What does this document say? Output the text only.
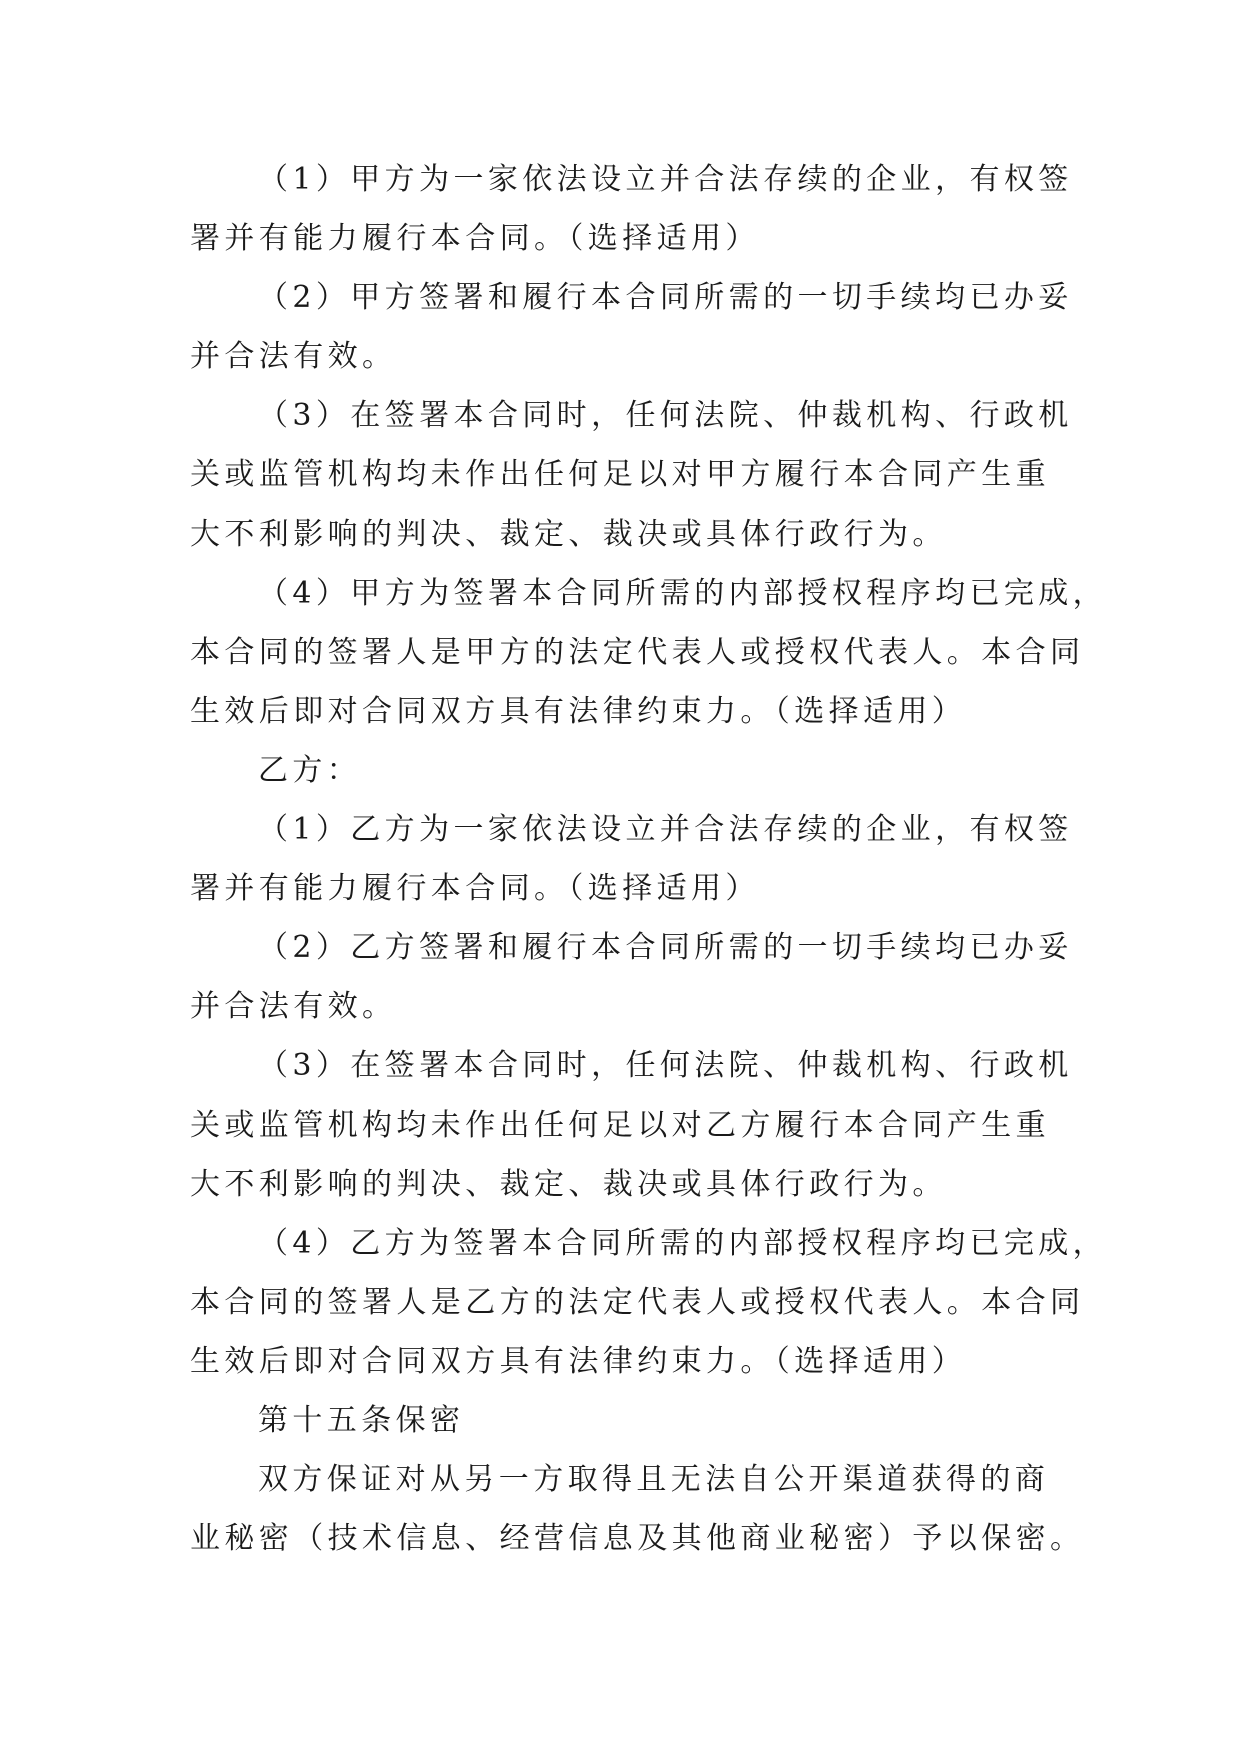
（1）甲方为一家依法设立并合法存续的企业，有权签
署并有能力履行本合同。（选择适用）
（2）甲方签署和履行本合同所需的一切手续均已办妥
并合法有效。
（3）在签署本合同时，任何法院、仲裁机构、行政机
关或监管机构均未作出任何足以对甲方履行本合同产生重
大不利影响的判决、裁定、裁决或具体行政行为。
（4）甲方为签署本合同所需的内部授权程序均已完成，
本合同的签署人是甲方的法定代表人或授权代表人。本合同
生效后即对合同双方具有法律约束力。（选择适用）
乙方：
（1）乙方为一家依法设立并合法存续的企业，有权签
署并有能力履行本合同。（选择适用）
（2）乙方签署和履行本合同所需的一切手续均已办妥
并合法有效。
（3）在签署本合同时，任何法院、仲裁机构、行政机
关或监管机构均未作出任何足以对乙方履行本合同产生重
大不利影响的判决、裁定、裁决或具体行政行为。
（4）乙方为签署本合同所需的内部授权程序均已完成，
本合同的签署人是乙方的法定代表人或授权代表人。本合同
生效后即对合同双方具有法律约束力。（选择适用）
第十五条保密
双方保证对从另一方取得且无法自公开渠道获得的商
业秘密（技术信息、经营信息及其他商业秘密）予以保密。
